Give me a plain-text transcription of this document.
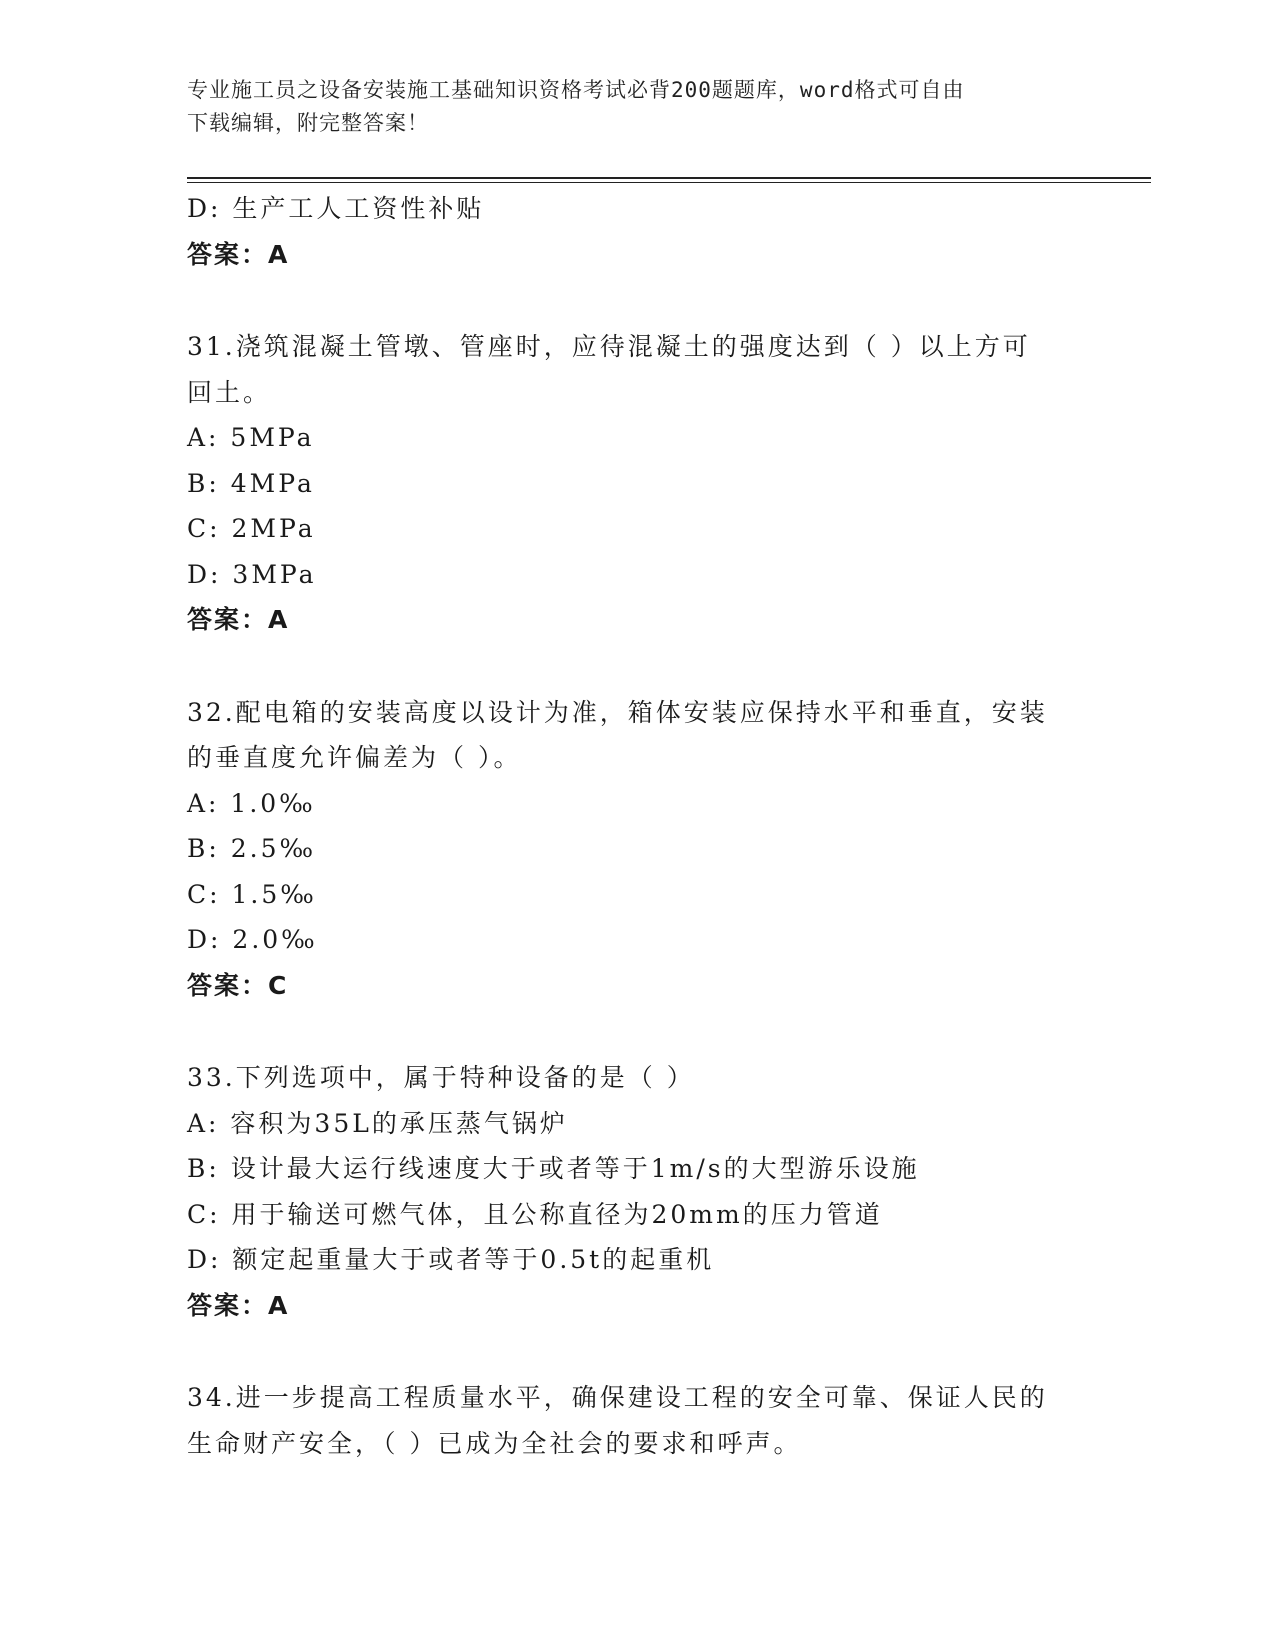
专业施工员之设备安装施工基础知识资格考试必背200题题库，word格式可自由
下载编辑，附完整答案！
D: 生产工人工资性补贴
答案：A
31.浇筑混凝土管墩、管座时，应待混凝土的强度达到（ ）以上方可
回土。
A: 5MPa
B: 4MPa
C: 2MPa
D: 3MPa
答案：A
32.配电箱的安装高度以设计为准，箱体安装应保持水平和垂直，安装
的垂直度允许偏差为（ ）。
A: 1.0‰
B: 2.5‰
C: 1.5‰
D: 2.0‰
答案：C
33.下列选项中，属于特种设备的是（ ）
A: 容积为35L的承压蒸气锅炉
B: 设计最大运行线速度大于或者等于1m/s的大型游乐设施
C: 用于输送可燃气体，且公称直径为20mm的压力管道
D: 额定起重量大于或者等于0.5t的起重机
答案：A
34.进一步提高工程质量水平，确保建设工程的安全可靠、保证人民的
生命财产安全，（ ）已成为全社会的要求和呼声。
